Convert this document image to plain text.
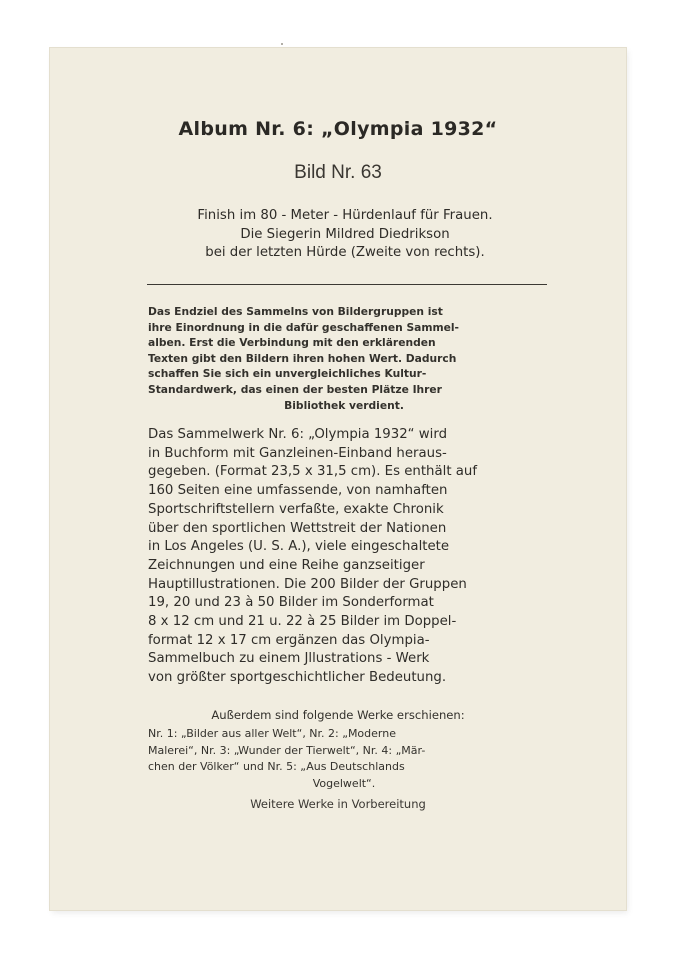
Album Nr. 6: „Olympia 1932“
Bild Nr. 63
Finish im 80 - Meter - Hürdenlauf für Frauen.
Die Siegerin Mildred Diedrikson
bei der letzten Hürde (Zweite von rechts).
Das Endziel des Sammelns von Bildergruppen ist
ihre Einordnung in die dafür geschaffenen Sammel-
alben. Erst die Verbindung mit den erklärenden
Texten gibt den Bildern ihren hohen Wert. Dadurch
schaffen Sie sich ein unvergleichliches Kultur-
Standardwerk, das einen der besten Plätze Ihrer
Bibliothek verdient.
Das Sammelwerk Nr. 6: „Olympia 1932“ wird
in Buchform mit Ganzleinen-Einband heraus-
gegeben. (Format 23,5 x 31,5 cm). Es enthält auf
160 Seiten eine umfassende, von namhaften
Sportschriftstellern verfaßte, exakte Chronik
über den sportlichen Wettstreit der Nationen
in Los Angeles (U. S. A.), viele eingeschaltete
Zeichnungen und eine Reihe ganzseitiger
Hauptillustrationen. Die 200 Bilder der Gruppen
19, 20 und 23 à 50 Bilder im Sonderformat
8 x 12 cm und 21 u. 22 à 25 Bilder im Doppel-
format 12 x 17 cm ergänzen das Olympia-
Sammelbuch zu einem Jllustrations - Werk
von größter sportgeschichtlicher Bedeutung.
Außerdem sind folgende Werke erschienen:
Nr. 1: „Bilder aus aller Welt“, Nr. 2: „Moderne
Malerei“, Nr. 3: „Wunder der Tierwelt“, Nr. 4: „Mär-
chen der Völker“ und Nr. 5: „Aus Deutschlands
Vogelwelt“.
Weitere Werke in Vorbereitung
